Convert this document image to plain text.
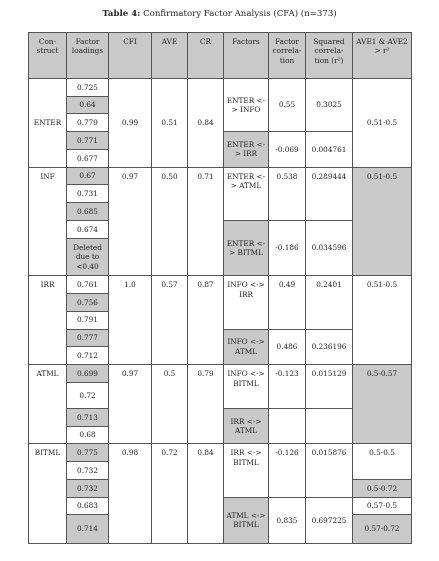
Table 4: Confirmatory Factor Analysis (CFA) (n=373)
Con-struct	Factor loadings	CFI	AVE	CR	Factors	Factor correla-tion	Squared correla-tion (r²)	AVE1 & AVE2 > r²
ENTER	0.725	0.99	0.51	0.84	ENTER <-> INFO	0.55	0.3025	0.51-0.5
	0.64							
	0.779							
	0.771				ENTER <-> IRR	-0.069	0.004761	
	0.677							
INF	0.67	0.97	0.50	0.71	ENTER <-> ATML	0.538	0.289444	0.51-0.5
	0.731							
	0.685							
	0.674				ENTER <-> BITML	-0.186	0.034596	
	Deleted due to <0.40							
IRR	0.761	1.0	0.57	0.87	INFO <-> IRR	0.49	0.2401	0.51-0.5
	0.756							
	0.791							
	0.777				INFO <-> ATML	0.486	0.236196	
	0.712							
ATML	0.699	0.97	0.5	0.79	INFO <-> BITML	-0.123	0.015129	0.5-0.57
	0.72							
	0.713				IRR <-> ATML			
	0.68							
BITML	0.775	0.98	0.72	0.84	IRR <-> BITML	-0.126	0.015876	0.5-0.5
	0.732							
	0.732							0.5-0.72
	0.683				ATML <-> BITML	0.835	0.697225	0.57-0.5
	0.714							0.57-0.72
